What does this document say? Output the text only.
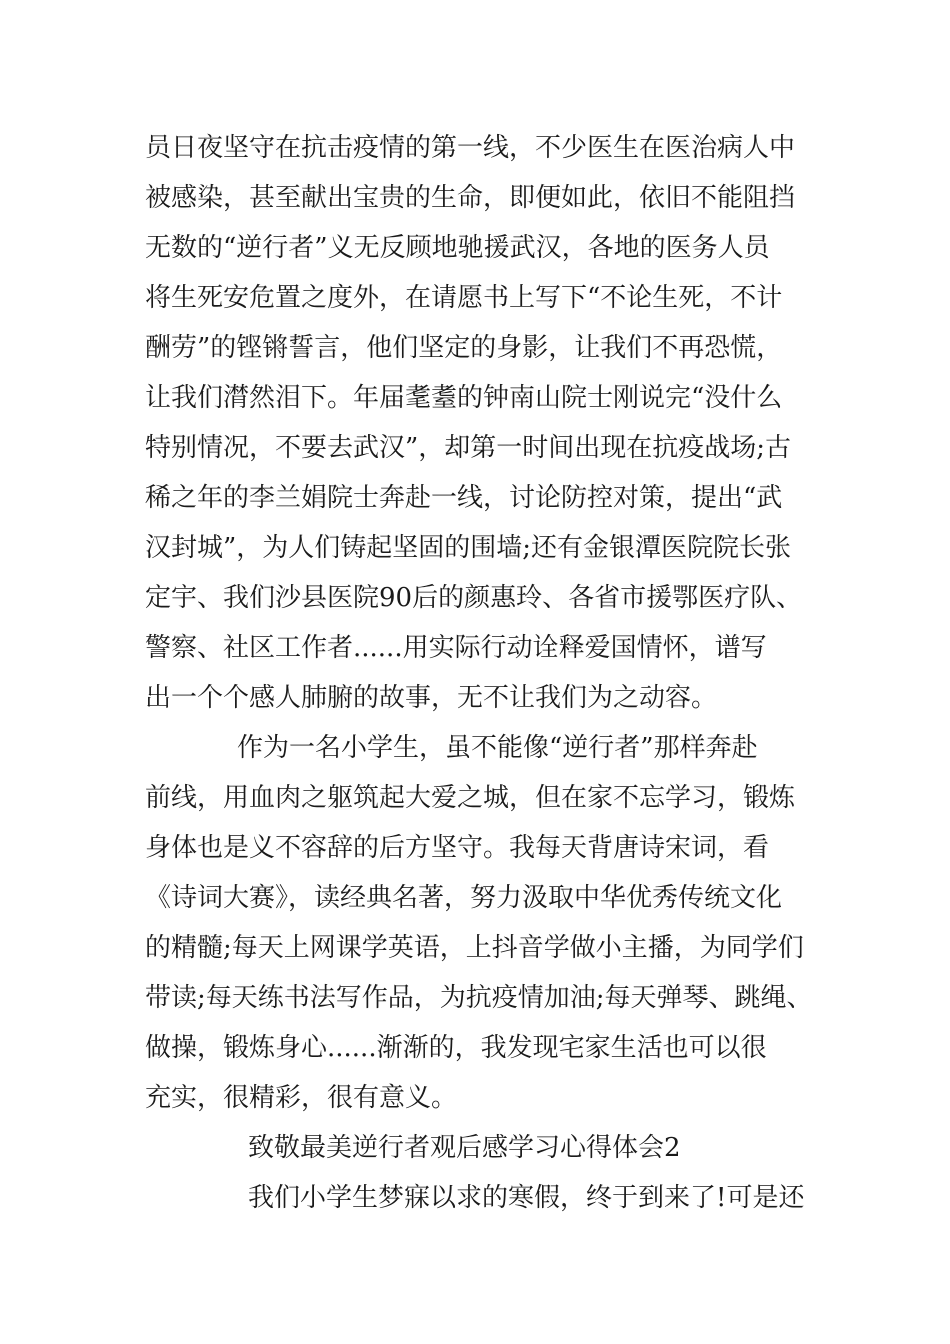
员日夜坚守在抗击疫情的第一线，不少医生在医治病人中
被感染，甚至献出宝贵的生命，即便如此，依旧不能阻挡
无数的“逆行者”义无反顾地驰援武汉，各地的医务人员
将生死安危置之度外，在请愿书上写下“不论生死，不计
酬劳”的铿锵誓言，他们坚定的身影，让我们不再恐慌，
让我们潸然泪下。年届耄耋的钟南山院士刚说完“没什么
特别情况，不要去武汉”，却第一时间出现在抗疫战场;古
稀之年的李兰娟院士奔赴一线，讨论防控对策，提出“武
汉封城”，为人们铸起坚固的围墙;还有金银潭医院院长张
定宇、我们沙县医院90后的颜惠玲、各省市援鄂医疗队、
警察、社区工作者......用实际行动诠释爱国情怀，谱写
出一个个感人肺腑的故事，无不让我们为之动容。
作为一名小学生，虽不能像“逆行者”那样奔赴
前线，用血肉之躯筑起大爱之城，但在家不忘学习，锻炼
身体也是义不容辞的后方坚守。我每天背唐诗宋词，看
《诗词大赛》，读经典名著，努力汲取中华优秀传统文化
的精髓;每天上网课学英语，上抖音学做小主播，为同学们
带读;每天练书法写作品，为抗疫情加油;每天弹琴、跳绳、
做操，锻炼身心......渐渐的，我发现宅家生活也可以很
充实，很精彩，很有意义。
致敬最美逆行者观后感学习心得体会2
我们小学生梦寐以求的寒假，终于到来了!可是还
